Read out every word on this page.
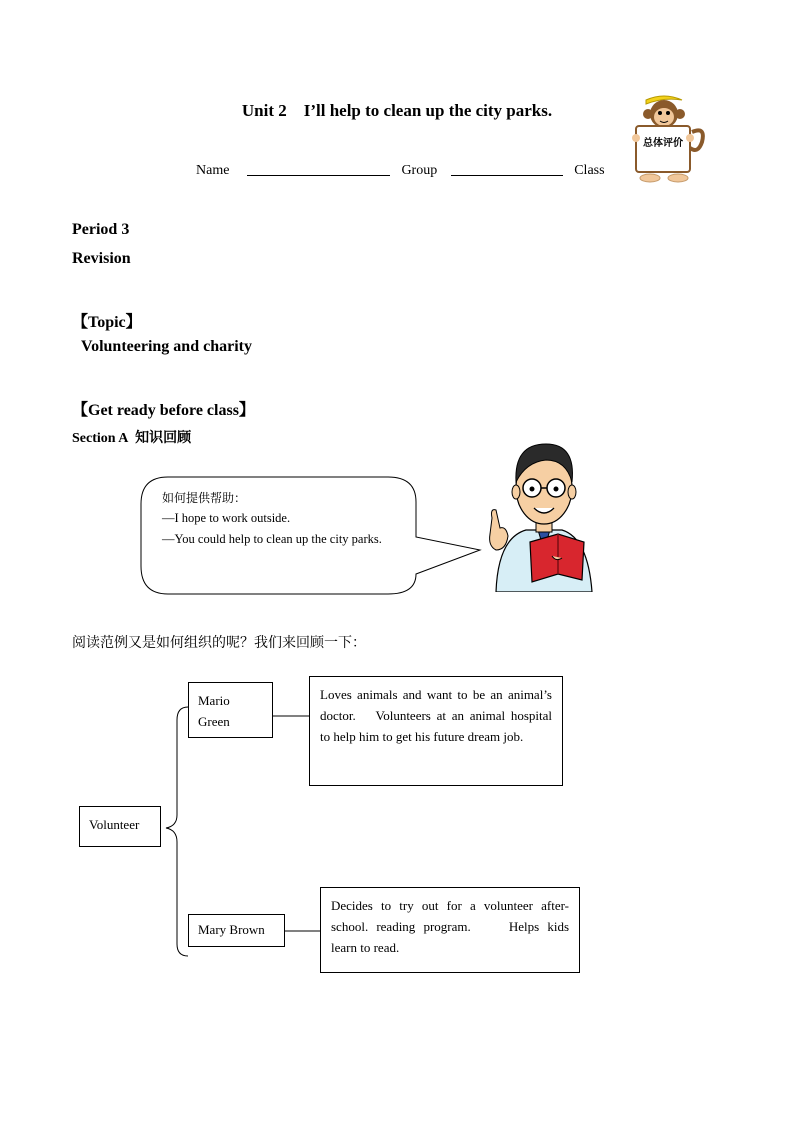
Unit 2    I’ll help to clean up the city parks.
Name	Group	Class
总体评价
Period 3
Revision
【Topic】
Volunteering and charity
【Get ready before class】
Section A 知识回顾
如何提供帮助：
—I hope to work outside.
—You could help to clean up the city parks.
阅读范例又是如何组织的呢？我们来回顾一下：
Volunteer
Mario Green
Loves animals and want to be an animal’s doctor. Volunteers at an animal hospital to help him to get his future dream job.
Mary Brown
Decides to try out for a volunteer after-school. reading program.	Helps kids learn to read.
